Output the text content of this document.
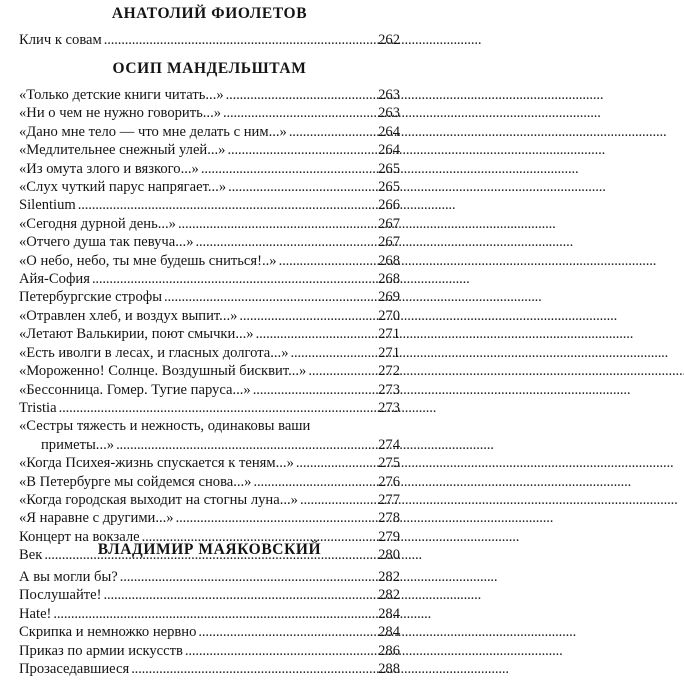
АНАТОЛИЙ ФИОЛЕТОВ
Клич к совам . . .	262
ОСИП МАНДЕЛЬШТАМ
«Только детские книги читать...» . . .	263
«Ни о чем не нужно говорить...» . . .	263
«Дано мне тело — что мне делать с ним...» . . .	264
«Медлительнее снежный улей...» . . .	264
«Из омута злого и вязкого...» . . .	265
«Слух чуткий парус напрягает...» . . .	265
Silentium . . .	266
«Сегодня дурной день...» . . .	267
«Отчего душа так певуча...» . . .	267
«О небо, небо, ты мне будешь сниться!..» . . .	268
Айя-София . . .	268
Петербургские строфы . . .	269
«Отравлен хлеб, и воздух выпит...» . . .	270
«Летают Валькирии, поют смычки...» . . .	271
«Есть иволги в лесах, и гласных долгота...» . . .	271
«Мороженно! Солнце. Воздушный бисквит...» . . .	272
«Бессонница. Гомер. Тугие паруса...» . . .	273
Tristia . . .	273
«Сестры тяжесть и нежность, одинаковы ваши
приметы...» . . .	274
«Когда Психея-жизнь спускается к теням...» . . .	275
«В Петербурге мы сойдемся снова...» . . .	276
«Когда городская выходит на стогны луна...» . . .	277
«Я наравне с другими...» . . .	278
Концерт на вокзале . . .	279
Век . . .	280
ВЛАДИМИР МАЯКОВСКИЙ
А вы могли бы? . . .	282
Послушайте! . . .	282
Hate! . . .	284
Скрипка и немножко нервно . . .	284
Приказ по армии искусств . . .	286
Прозаседавшиеся . . .	288
